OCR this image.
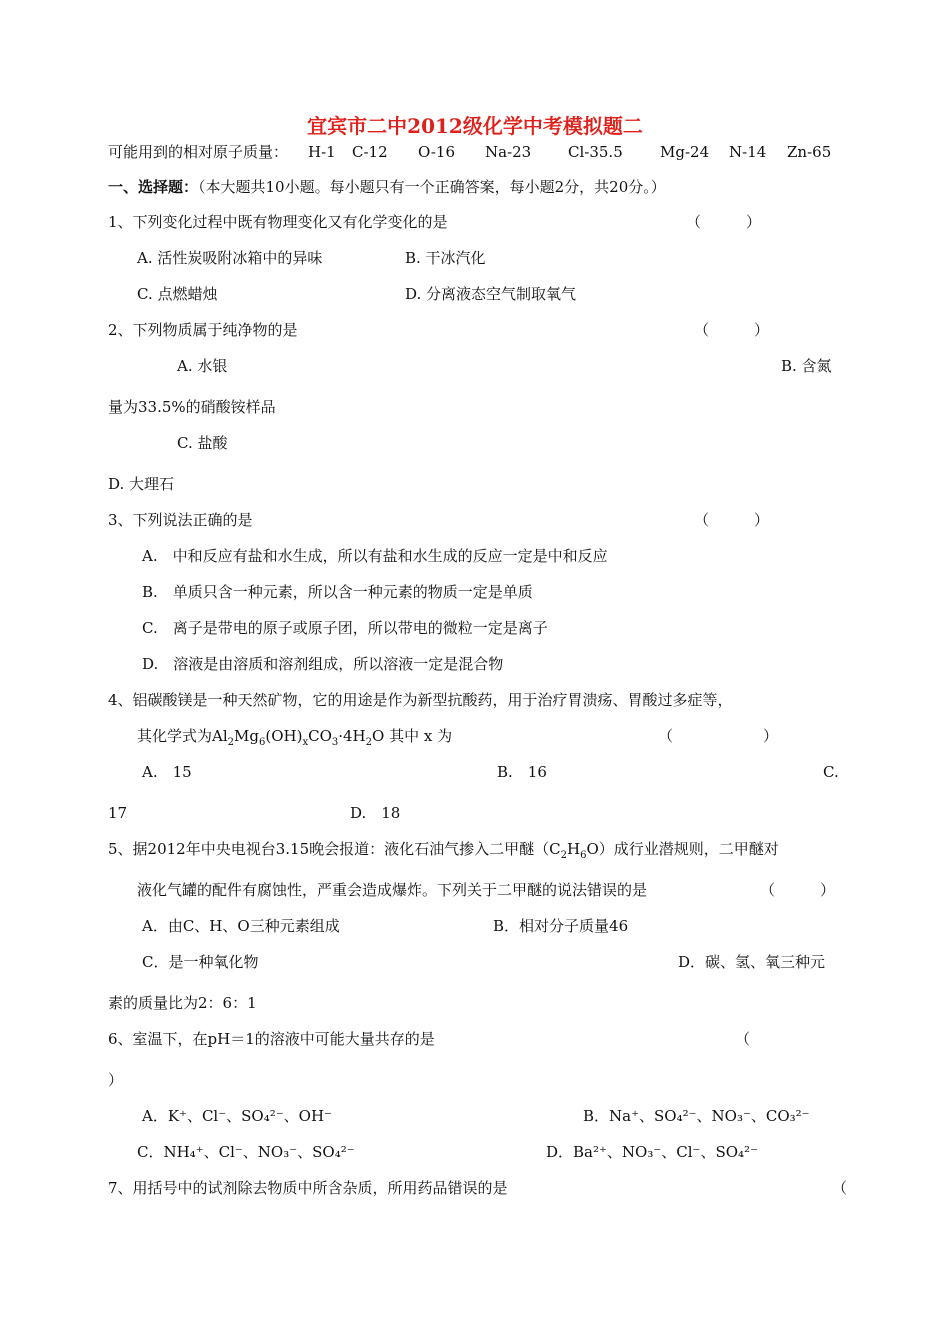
宜宾市二中2012级化学中考模拟题二
可能用到的相对原子质量： H-1 C-12 O-16 Na-23 Cl-35.5 Mg-24 N-14 Zn-65
一、选择题：（本大题共10小题。每小题只有一个正确答案，每小题2分，共20分。）
1、下列变化过程中既有物理变化又有化学变化的是	（　　　）
A. 活性炭吸附冰箱中的异味	B. 干冰汽化
C. 点燃蜡烛	D. 分离液态空气制取氧气
2、下列物质属于纯净物的是	（　　　）
A. 水银	B. 含氮
量为33.5%的硝酸铵样品
C. 盐酸
D. 大理石
3、下列说法正确的是	（　　　）
A.　中和反应有盐和水生成，所以有盐和水生成的反应一定是中和反应
B.　单质只含一种元素，所以含一种元素的物质一定是单质
C.　离子是带电的原子或原子团，所以带电的微粒一定是离子
D.　溶液是由溶质和溶剂组成，所以溶液一定是混合物
4、铝碳酸镁是一种天然矿物，它的用途是作为新型抗酸药，用于治疗胃溃疡、胃酸过多症等，
其化学式为$Al_2Mg_6(OH)_xCO_3\cdot 4H_2O$ 其中 x 为	（　　　　　　）
A.　15	B.　16	C.
17	D.　18
5、据2012年中央电视台3.15晚会报道：液化石油气掺入二甲醚$(C_2H_6O)$成行业潜规则，二甲醚对
液化气罐的配件有腐蚀性，严重会造成爆炸。下列关于二甲醚的说法错误的是	（　　　）
A．由C、H、O三种元素组成	B．相对分子质量46
C．是一种氧化物	D．碳、氢、氧三种元
素的质量比为2：6：1
6、室温下，在pH＝1的溶液中可能大量共存的是	（
）
A．K⁺、Cl⁻、SO₄²⁻、OH⁻	B．Na⁺、SO₄²⁻、NO₃⁻、CO₃²⁻
C．NH₄⁺、Cl⁻、NO₃⁻、SO₄²⁻	D．Ba²⁺、NO₃⁻、Cl⁻、SO₄²⁻
7、用括号中的试剂除去物质中所含杂质，所用药品错误的是	（
